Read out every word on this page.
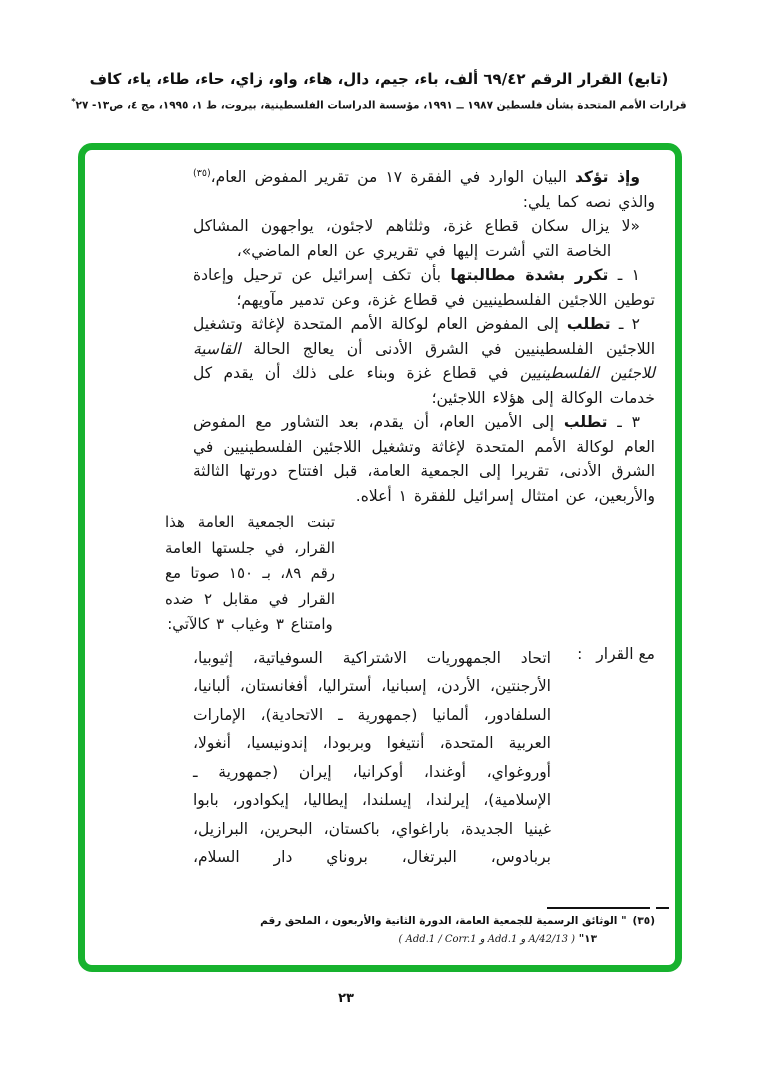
(تابع) القرار الرقم ٦٩/٤٢ ألف، باء، جيم، دال، هاء، واو، زاي، حاء، طاء، ياء، كاف
قرارات الأمم المتحدة بشأن فلسطين ١٩٨٧ ــ ١٩٩١، مؤسسة الدراسات الفلسطينية، بيروت، ط ١، ١٩٩٥، مج ٤، ص١٣- ٢٧*

وإذ تؤكد البيان الوارد في الفقرة ١٧ من تقرير المفوض العام،$^{(٣٥)}$ والذي نصه كما يلي:

«لا يزال سكان قطاع غزة، وثلثاهم لاجئون، يواجهون المشاكل الخاصة التي أشرت إليها في تقريري عن العام الماضي»،

١ ـ تكرر بشدة مطالبتها بأن تكف إسرائيل عن ترحيل وإعادة توطين اللاجئين الفلسطينيين في قطاع غزة، وعن تدمير مآويهم؛

٢ ـ تطلب إلى المفوض العام لوكالة الأمم المتحدة لإغاثة وتشغيل اللاجئين الفلسطينيين في الشرق الأدنى أن يعالج الحالة القاسية للاجئين الفلسطينيين في قطاع غزة وبناء على ذلك أن يقدم كل خدمات الوكالة إلى هؤلاء اللاجئين؛

٣ ـ تطلب إلى الأمين العام، أن يقدم، بعد التشاور مع المفوض العام لوكالة الأمم المتحدة لإغاثة وتشغيل اللاجئين الفلسطينيين في الشرق الأدنى، تقريرا إلى الجمعية العامة، قبل افتتاح دورتها الثالثة والأربعين، عن امتثال إسرائيل للفقرة ١ أعلاه.

تبنت الجمعية العامة هذا القرار، في جلستها العامة رقم ٨٩، بـ ١٥٠ صوتا مع القرار في مقابل ٢ ضده وامتناع ٣ وغياب ٣ كالآتي:
مع القرار:
اتحاد الجمهوريات الاشتراكية السوفياتية، إثيوبيا، الأرجنتين، الأردن، إسبانيا، أستراليا، أفغانستان، ألبانيا، السلفادور، ألمانيا (جمهورية ـ الاتحادية)، الإمارات العربية المتحدة، أنتيغوا وبربودا، إندونيسيا، أنغولا، أوروغواي، أوغندا، أوكرانيا، إيران (جمهورية ـ الإسلامية)، إيرلندا، إيسلندا، إيطاليا، إيكوادور، بابوا غينيا الجديدة، باراغواي، باكستان، البحرين، البرازيل، بربادوس، البرتغال، بروناي دار السلام،
(٣٥)" الوثائق الرسمية للجمعية العامة، الدورة الثانية والأربعون ، الملحق رقم
١٣" ( A/42/13 و Add.1 و Add.1 / Corr.1 )
٢٣
